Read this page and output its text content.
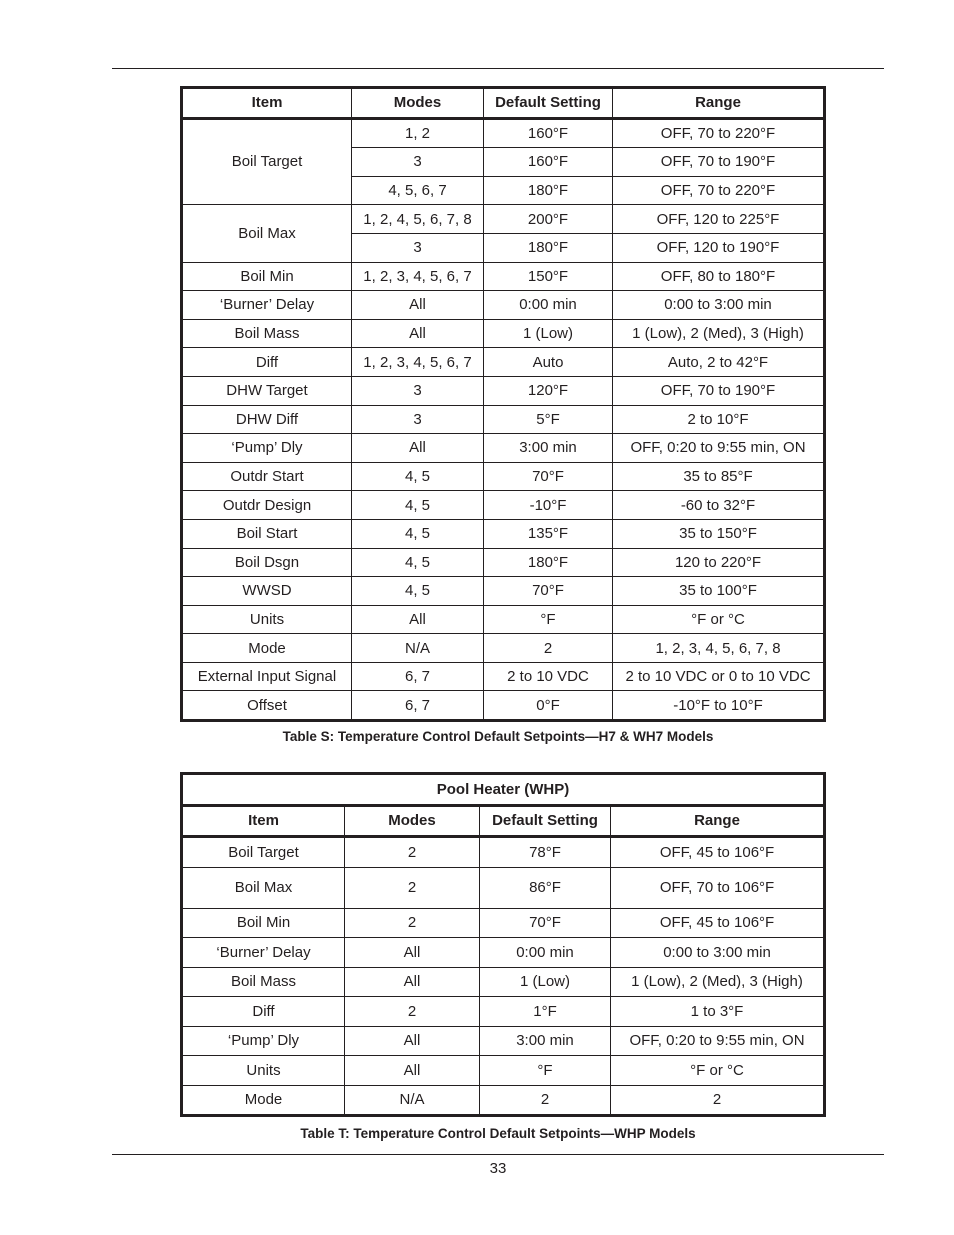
Item	Modes	Default Setting	Range
Boil Target	1, 2	160°F	OFF, 70 to 220°F
	3	160°F	OFF, 70 to 190°F
	4, 5, 6, 7	180°F	OFF, 70 to 220°F
Boil Max	1, 2, 4, 5, 6, 7, 8	200°F	OFF, 120 to 225°F
	3	180°F	OFF, 120 to 190°F
Boil Min	1, 2, 3, 4, 5, 6, 7	150°F	OFF, 80 to 180°F
‘Burner’ Delay	All	0:00 min	0:00 to 3:00 min
Boil Mass	All	1 (Low)	1 (Low), 2 (Med), 3 (High)
Diff	1, 2, 3, 4, 5, 6, 7	Auto	Auto, 2 to 42°F
DHW Target	3	120°F	OFF, 70 to 190°F
DHW Diff	3	5°F	2 to 10°F
‘Pump’ Dly	All	3:00 min	OFF, 0:20 to 9:55 min, ON
Outdr Start	4, 5	70°F	35 to 85°F
Outdr Design	4, 5	-10°F	-60 to 32°F
Boil Start	4, 5	135°F	35 to 150°F
Boil Dsgn	4, 5	180°F	120 to 220°F
WWSD	4, 5	70°F	35 to 100°F
Units	All	°F	°F or °C
Mode	N/A	2	1, 2, 3, 4, 5, 6, 7, 8
External Input Signal	6, 7	2 to 10 VDC	2 to 10 VDC or 0 to 10 VDC
Offset	6, 7	0°F	-10°F to 10°F
Table S: Temperature Control Default Setpoints—H7 & WH7 Models
Pool Heater (WHP)			
Item	Modes	Default Setting	Range
Boil Target	2	78°F	OFF, 45 to 106°F
Boil Max	2	86°F	OFF, 70 to 106°F
Boil Min	2	70°F	OFF, 45 to 106°F
‘Burner’ Delay	All	0:00 min	0:00 to 3:00 min
Boil Mass	All	1 (Low)	1 (Low), 2 (Med), 3 (High)
Diff	2	1°F	1 to 3°F
‘Pump’ Dly	All	3:00 min	OFF, 0:20 to 9:55 min, ON
Units	All	°F	°F or °C
Mode	N/A	2	2
Table T: Temperature Control Default Setpoints—WHP Models
33
